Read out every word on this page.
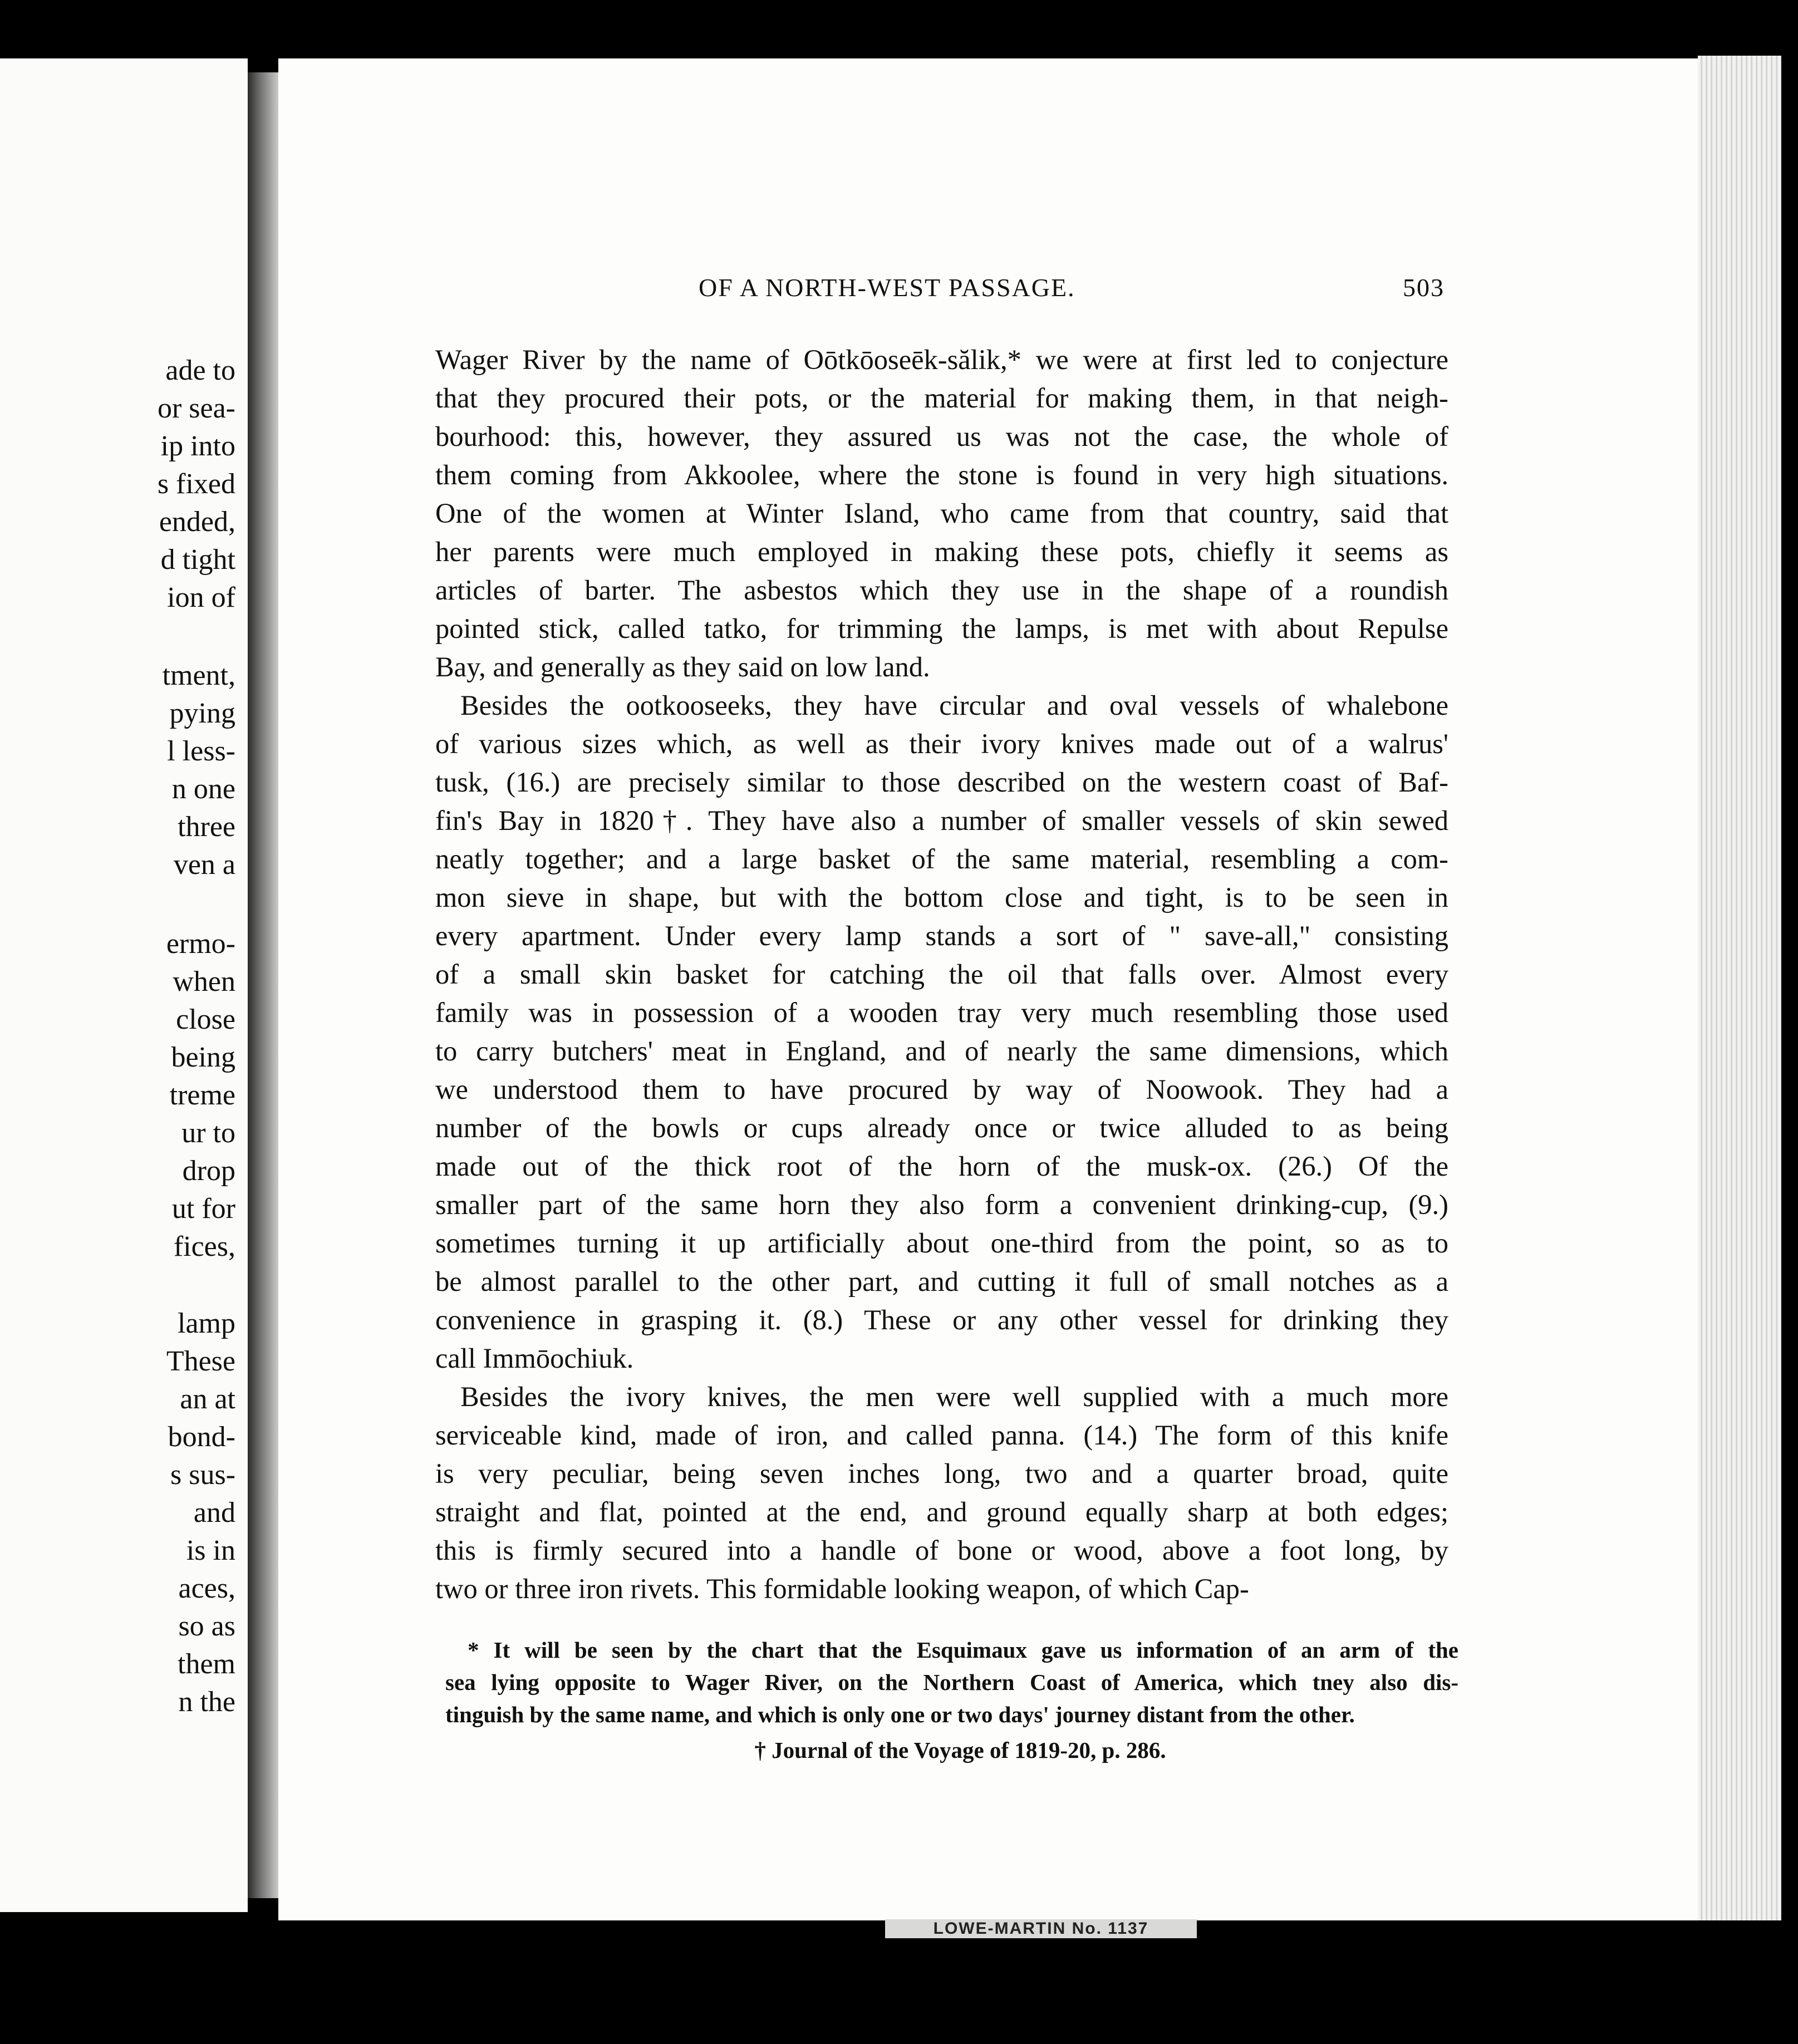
ade to
or sea-
ip into
s fixed
ended,
d tight
ion of
tment,
pying
l less-
n one
three
ven a
ermo-
when
close
being
treme
ur to
drop
ut for
fices,
lamp
These
an at
bond-
s sus-
and
is in
aces,
so as
them
n the
OF A NORTH-WEST PASSAGE.	503
Wager River by the name of Oōtkōoseēk-sălik,* we were at first led to conjecture
that they procured their pots, or the material for making them, in that neigh-
bourhood: this, however, they assured us was not the case, the whole of
them coming from Akkoolee, where the stone is found in very high situations.
One of the women at Winter Island, who came from that country, said that
her parents were much employed in making these pots, chiefly it seems as
articles of barter. The asbestos which they use in the shape of a roundish
pointed stick, called tatko, for trimming the lamps, is met with about Repulse
Bay, and generally as they said on low land.
Besides the ootkooseeks, they have circular and oval vessels of whalebone
of various sizes which, as well as their ivory knives made out of a walrus'
tusk, (16.) are precisely similar to those described on the western coast of Baf-
fin's Bay in 1820†. They have also a number of smaller vessels of skin sewed
neatly together; and a large basket of the same material, resembling a com-
mon sieve in shape, but with the bottom close and tight, is to be seen in
every apartment. Under every lamp stands a sort of " save-all," consisting
of a small skin basket for catching the oil that falls over. Almost every
family was in possession of a wooden tray very much resembling those used
to carry butchers' meat in England, and of nearly the same dimensions, which
we understood them to have procured by way of Noowook. They had a
number of the bowls or cups already once or twice alluded to as being
made out of the thick root of the horn of the musk-ox. (26.) Of the
smaller part of the same horn they also form a convenient drinking-cup, (9.)
sometimes turning it up artificially about one-third from the point, so as to
be almost parallel to the other part, and cutting it full of small notches as a
convenience in grasping it. (8.) These or any other vessel for drinking they
call Immōochiuk.
Besides the ivory knives, the men were well supplied with a much more
serviceable kind, made of iron, and called panna. (14.) The form of this knife
is very peculiar, being seven inches long, two and a quarter broad, quite
straight and flat, pointed at the end, and ground equally sharp at both edges;
this is firmly secured into a handle of bone or wood, above a foot long, by
two or three iron rivets. This formidable looking weapon, of which Cap-
* It will be seen by the chart that the Esquimaux gave us information of an arm of the
sea lying opposite to Wager River, on the Northern Coast of America, which tney also dis-
tinguish by the same name, and which is only one or two days' journey distant from the other.
† Journal of the Voyage of 1819-20, p. 286.
LOWE-MARTIN No. 1137
